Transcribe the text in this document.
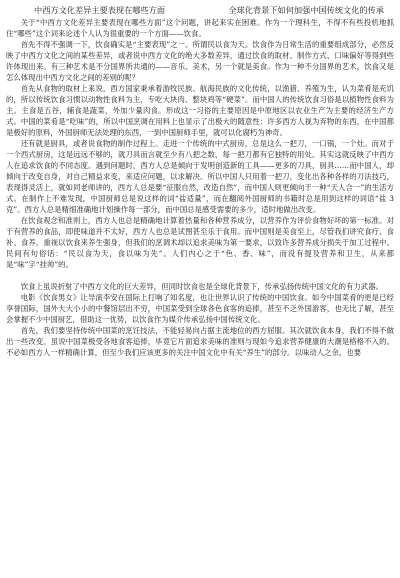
中西方文化差异主要表现在哪些方面	全球化背景下如何加强中国传统文化的传承

关于“中西方文化差异主要表现在哪些方面”这个问题，讲起来实在困难。作为一个理科生，不得不有些投机地抓住“哪些”这个词来论述个人认为很重要的一个方面——饮食。

首先不得不强调一下，饮食确实是“主要表现”之一。所谓民以食为天。饮食作为日常生活的重要组成部分，必然反映了中西方文化之间的某些差异，或者说中西方文化的绝大多数差异，通过饮食的取材、制作方式、口味偏好等得到些许体现出来。有三种艺术是不分国界所共通的——音乐、美术，另一个就是美食。作为一种不分国界的艺术，饮食又是怎么体现出中西方文化之间的差别的呢？

首先从食物的取材上来说，西方国家秉承着游牧民族、航海民族的文化传统，以渔猎、养殖为生，认为菜肴是充饥的，所以传统饮食习惯以动物性食料为主，专吃大块肉、整块鸡等“硬菜”。而中国人的传统饮食习俗是以植物性食料为主。主食是五谷，辅食是蔬菜，外加少量肉食。形成这一习俗的主要原因是中原地区以农业生产为主要的经济生产方式。中国的菜肴是“吃味”的，所以中国烹调在用料上也显示了出极大的随意性：许多西方人视为弃物的东西，在中国都是极好的原料，外国厨师无法处理的东西，一到中国厨师手里，就可以化腐朽为神奇。

还有就是厨具，或者说食物的制作过程上。走进一个传统的中式厨房，总是这么一把刀，一口锅，一个灶。而对于一个西式厨房，这是远远不够的，就刀具而言就至少有八把之数，每一把刀都有它独特的用处。其实这就反映了中西方人在追求饮食的不同态度。遇到问题时，西方人总是倾向于发明创造新的工具——更多的刀具，厨具……而中国人，却倾向于改变自身，对自己精益求变，来适应问题，以求解决。所以中国人只用着一把刀，变化出各种各样的刀法技巧，表现得灵活上，就如同老师讲的，西方人总是要“征服自然，改造自然”，而中国人则更倾向于一种“天人合一”的生活方式。在制作上不难发现，中国厨师总是说这样的词“盐适量”，而在翻阅外国厨师的书籍时总是用到这样的词语“盐 3 克”。西方人总是精细准确地计划操作每一部分，而中国总是感受需要的多少，适时地做出改变。

在饮食观念和准则上，西方人也总是精确地计算着热量和各种营养成分，以营养作为评价食物好坏的第一标准。对于有营养的食品，即使味道并不太好，西方人也总是试图甚至乐于食用。而中国则是美食至上，尽管我们讲究食疗、食补、食养，重视以饮食来养生强身，但我们的烹调术却以追求美味为第一要求，以致许多营养成分损失于加工过程中。民间有句俗话：“民以食为天，食以味为先”。人们内心之于“色、香、味”，而没有提及营养和卫生，从来都是“味”字“挂帅”的。

饮食上虽说折射了中西方文化的巨大差异，但同时饮食也是全球化背景下，传承弘扬传统中国文化的有力武器。

电影《饮食男女》让导演李安在国际上打响了知名度，也让世界认识了传统的中国饮食。如今中国菜肴的更是已经享誉国际，国外大大小小的中餐馆层出不穷，中国菜受到全球各色食客的追捧，甚至不乏外国游客，也无比了解，甚至会掌握不少中国厨艺，借助这一优势，以饮食作为媒介传承弘扬中国传统文化。

首先，我们要坚持传统中国菜的烹饪技法，不能轻易向占据主流地位的西方屈服。其次就饮食本身，我们不得不做出一些改变。虽说中国菜极受各地食客追捧，毕竟它片面追求美味的准则与现如今追求营养健康的大潮是格格不入的。不必如西方人一样精确计算，但至少我们应该更多的关注中国文化中有关“养生”的部分。以味动人之余，也要
